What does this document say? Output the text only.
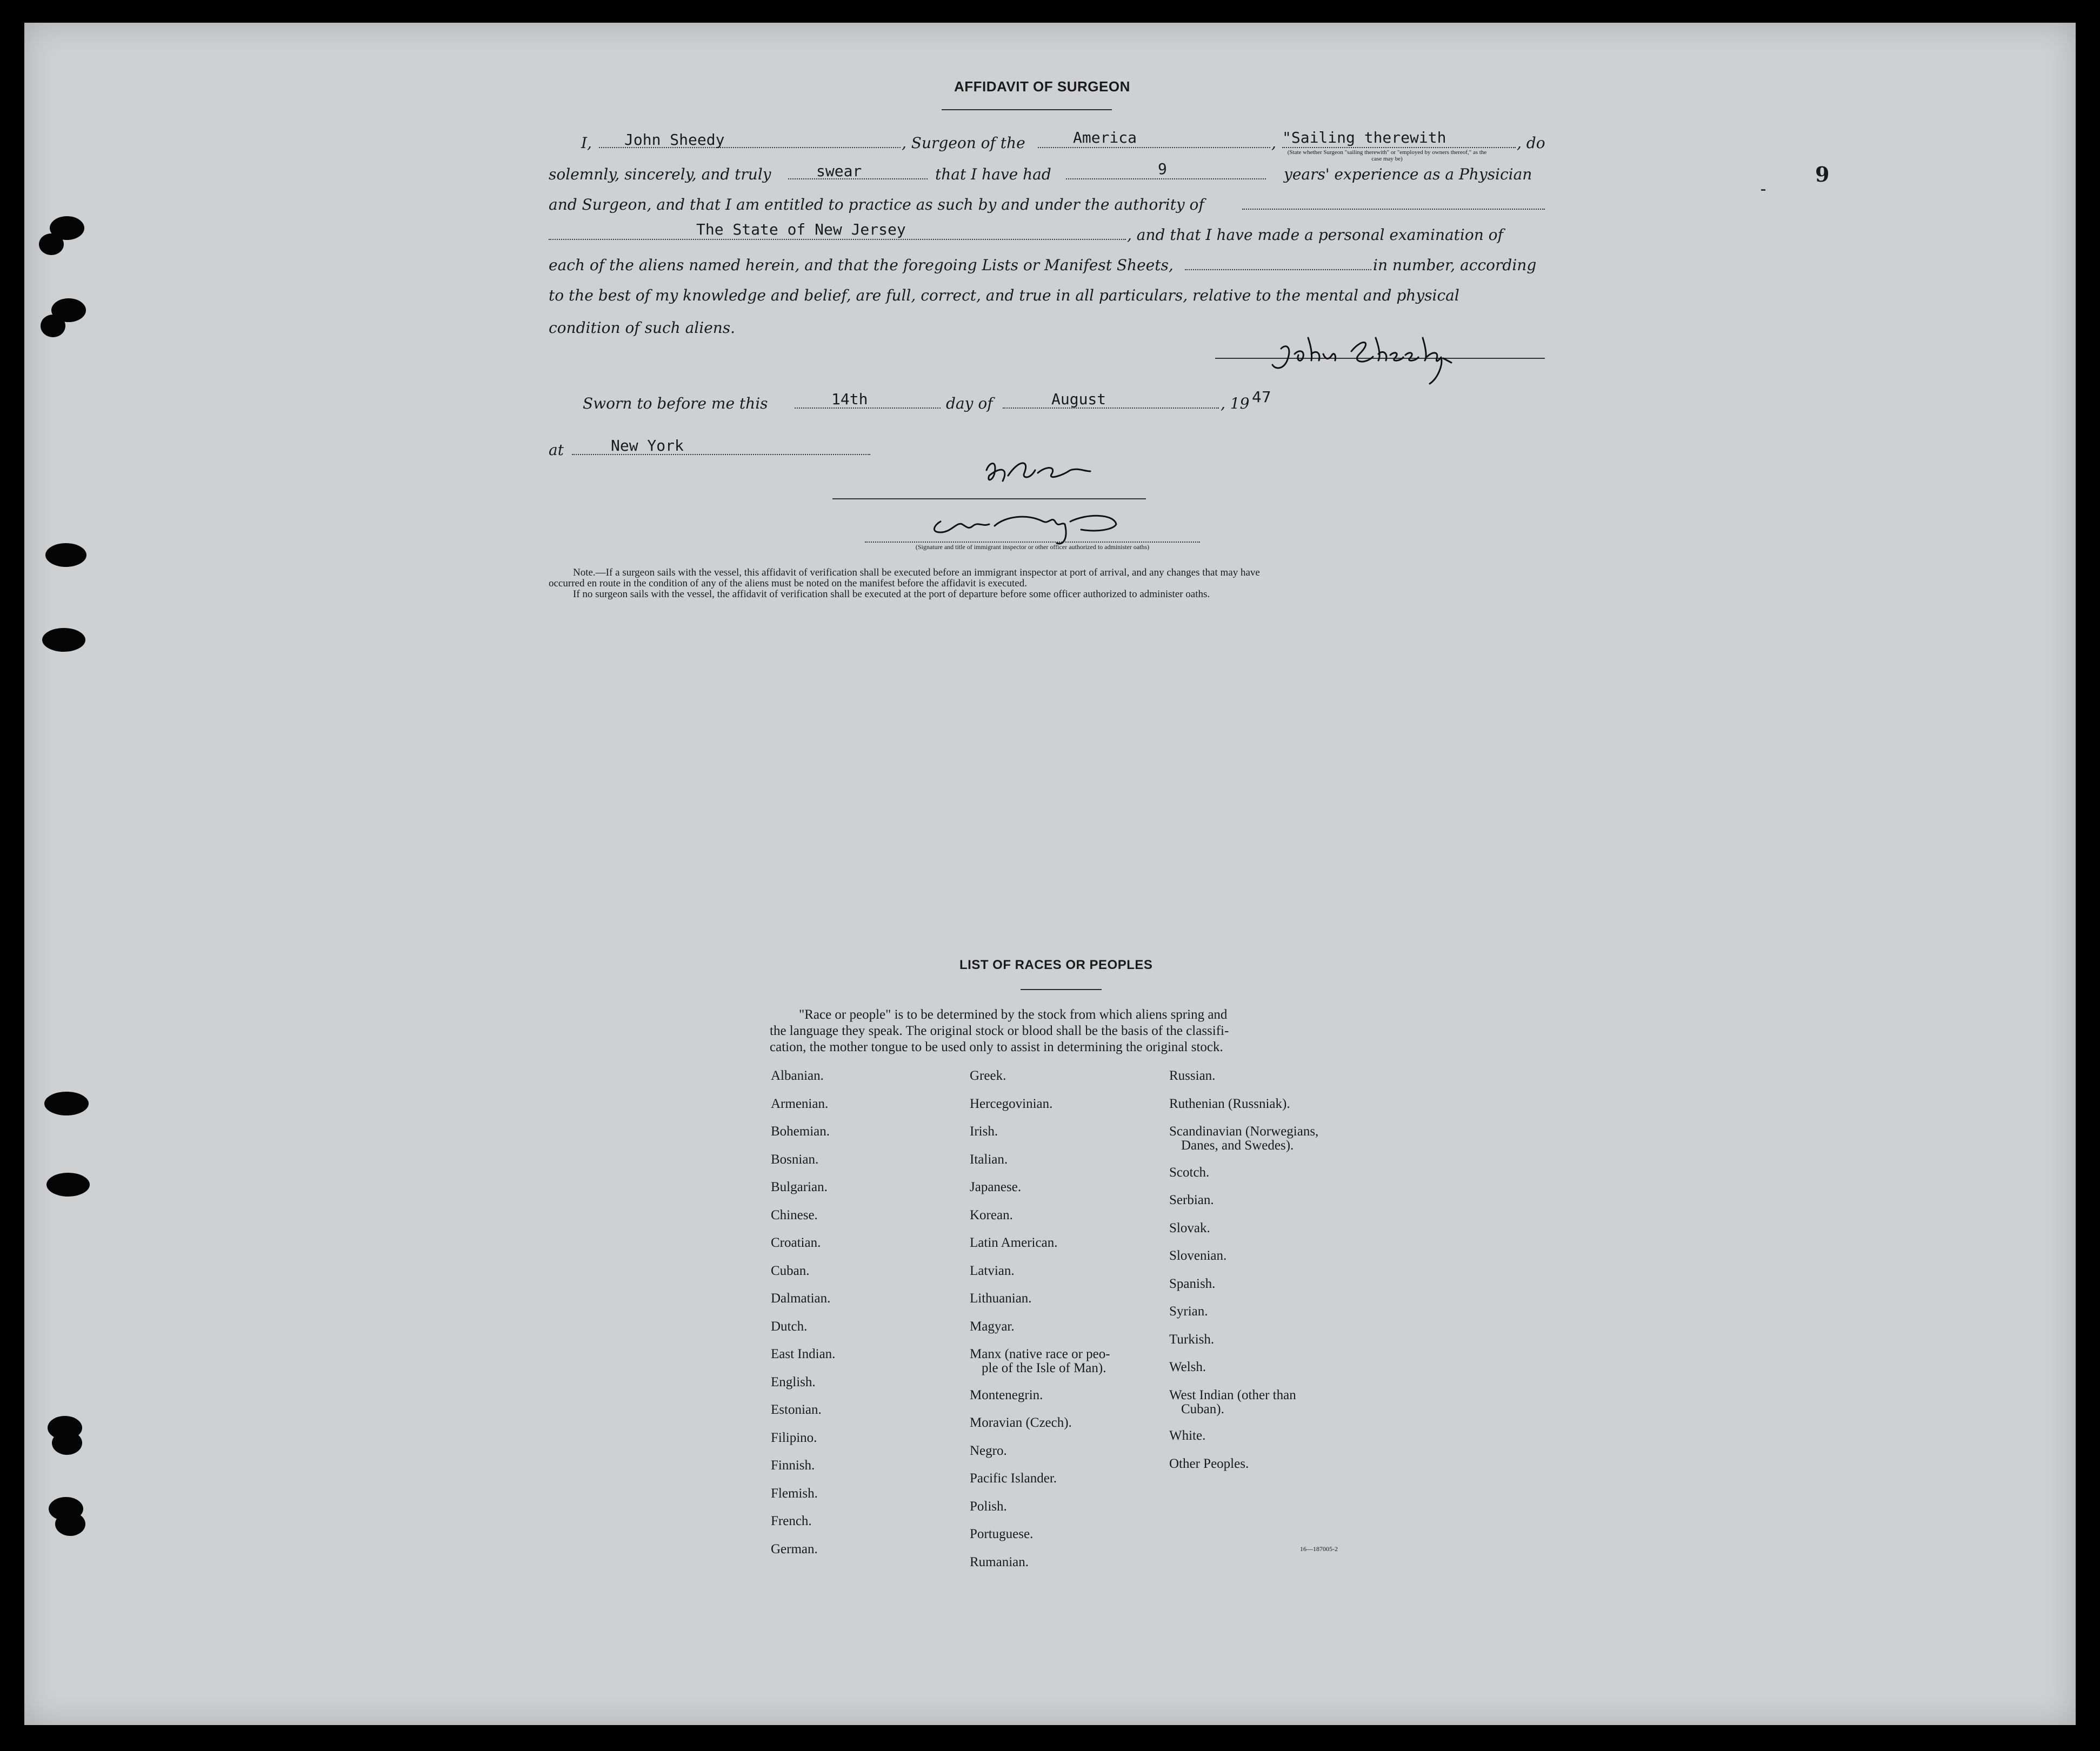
9
AFFIDAVIT OF SURGEON
I, John Sheedy	, Surgeon of the	America	, "Sailing therewith	, do
(State whether Surgeon "sailing therewith" or "employed by owners thereof," as the case may be)
solemnly, sincerely, and truly	swear	that I have had	9	years' experience as a Physician
and Surgeon, and that I am entitled to practice as such by and under the authority of
The State of New Jersey	, and that I have made a personal examination of
each of the aliens named herein, and that the foregoing Lists or Manifest Sheets,	in number, according
to the best of my knowledge and belief, are full, correct, and true in all particulars, relative to the mental and physical
condition of such aliens.
Sworn to before me this	14th	day of	August	, 19 47
at	New York
(Signature and title of immigrant inspector or other officer authorized to administer oaths)
Note.—If a surgeon sails with the vessel, this affidavit of verification shall be executed before an immigrant inspector at port of arrival, and any changes that may have
occurred en route in the condition of any of the aliens must be noted on the manifest before the affidavit is executed.
If no surgeon sails with the vessel, the affidavit of verification shall be executed at the port of departure before some officer authorized to administer oaths.
LIST OF RACES OR PEOPLES
"Race or people" is to be determined by the stock from which aliens spring and
the language they speak. The original stock or blood shall be the basis of the classifi-
cation, the mother tongue to be used only to assist in determining the original stock.
Albanian.
Armenian.
Bohemian.
Bosnian.
Bulgarian.
Chinese.
Croatian.
Cuban.
Dalmatian.
Dutch.
East Indian.
English.
Estonian.
Filipino.
Finnish.
Flemish.
French.
German.
Greek.
Hercegovinian.
Irish.
Italian.
Japanese.
Korean.
Latin American.
Latvian.
Lithuanian.
Magyar.
Manx (native race or peo-
ple of the Isle of Man).
Montenegrin.
Moravian (Czech).
Negro.
Pacific Islander.
Polish.
Portuguese.
Rumanian.
Russian.
Ruthenian (Russniak).
Scandinavian (Norwegians,
Danes, and Swedes).
Scotch.
Serbian.
Slovak.
Slovenian.
Spanish.
Syrian.
Turkish.
Welsh.
West Indian (other than
Cuban).
White.
Other Peoples.
16—187005-2
